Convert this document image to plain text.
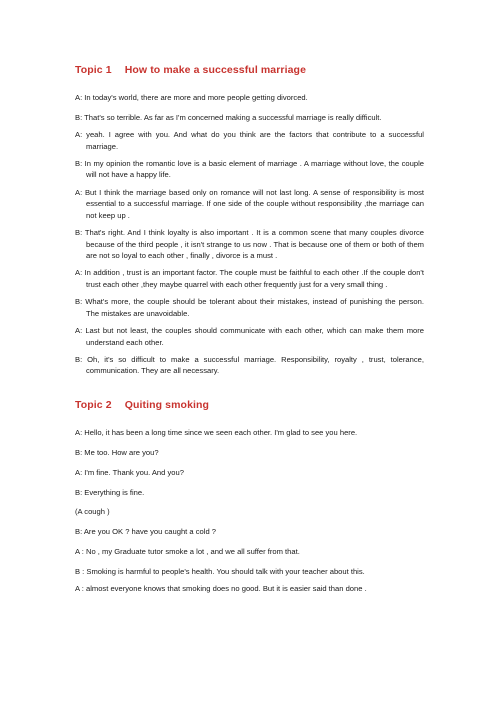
Topic 1 How to make a successful marriage

A: In today's world, there are more and more people getting divorced.

B: That's so terrible. As far as I'm concerned making a successful marriage is really difficult.

A: yeah. I agree with you. And what do you think are the factors that contribute to a successful marriage.

B: In my opinion the romantic love is a basic element of marriage . A marriage without love, the couple will not have a happy life.

A: But I think the marriage based only on romance will not last long. A sense of responsibility is most essential to a successful marriage. If one side of the couple without responsibility ,the marriage can not keep up .

B: That's right. And I think loyalty is also important . It is a common scene that many couples divorce because of the third people , it isn't strange to us now . That is because one of them or both of them are not so loyal to each other , finally , divorce is a must .

A: In addition , trust is an important factor. The couple must be faithful to each other .If the couple don't trust each other ,they maybe quarrel with each other frequently just for a very small thing .

B: What's more, the couple should be tolerant about their mistakes, instead of punishing the person. The mistakes are unavoidable.

A: Last but not least, the couples should communicate with each other, which can make them more understand each other.

B: Oh, it's so difficult to make a successful marriage. Responsibility, royalty , trust, tolerance, communication. They are all necessary.

Topic 2 Quiting smoking

A: Hello, it has been a long time since we seen each other. I'm glad to see you here.

B: Me too. How are you?

A: I'm fine. Thank you. And you?

B: Everything is fine.

(A cough )

B: Are you OK ? have you caught a cold ?

A : No , my Graduate tutor smoke a lot , and we all suffer from that.

B : Smoking is harmful to people's health. You should talk with your teacher about this.

A : almost everyone knows that smoking does no good. But it is easier said than done .
